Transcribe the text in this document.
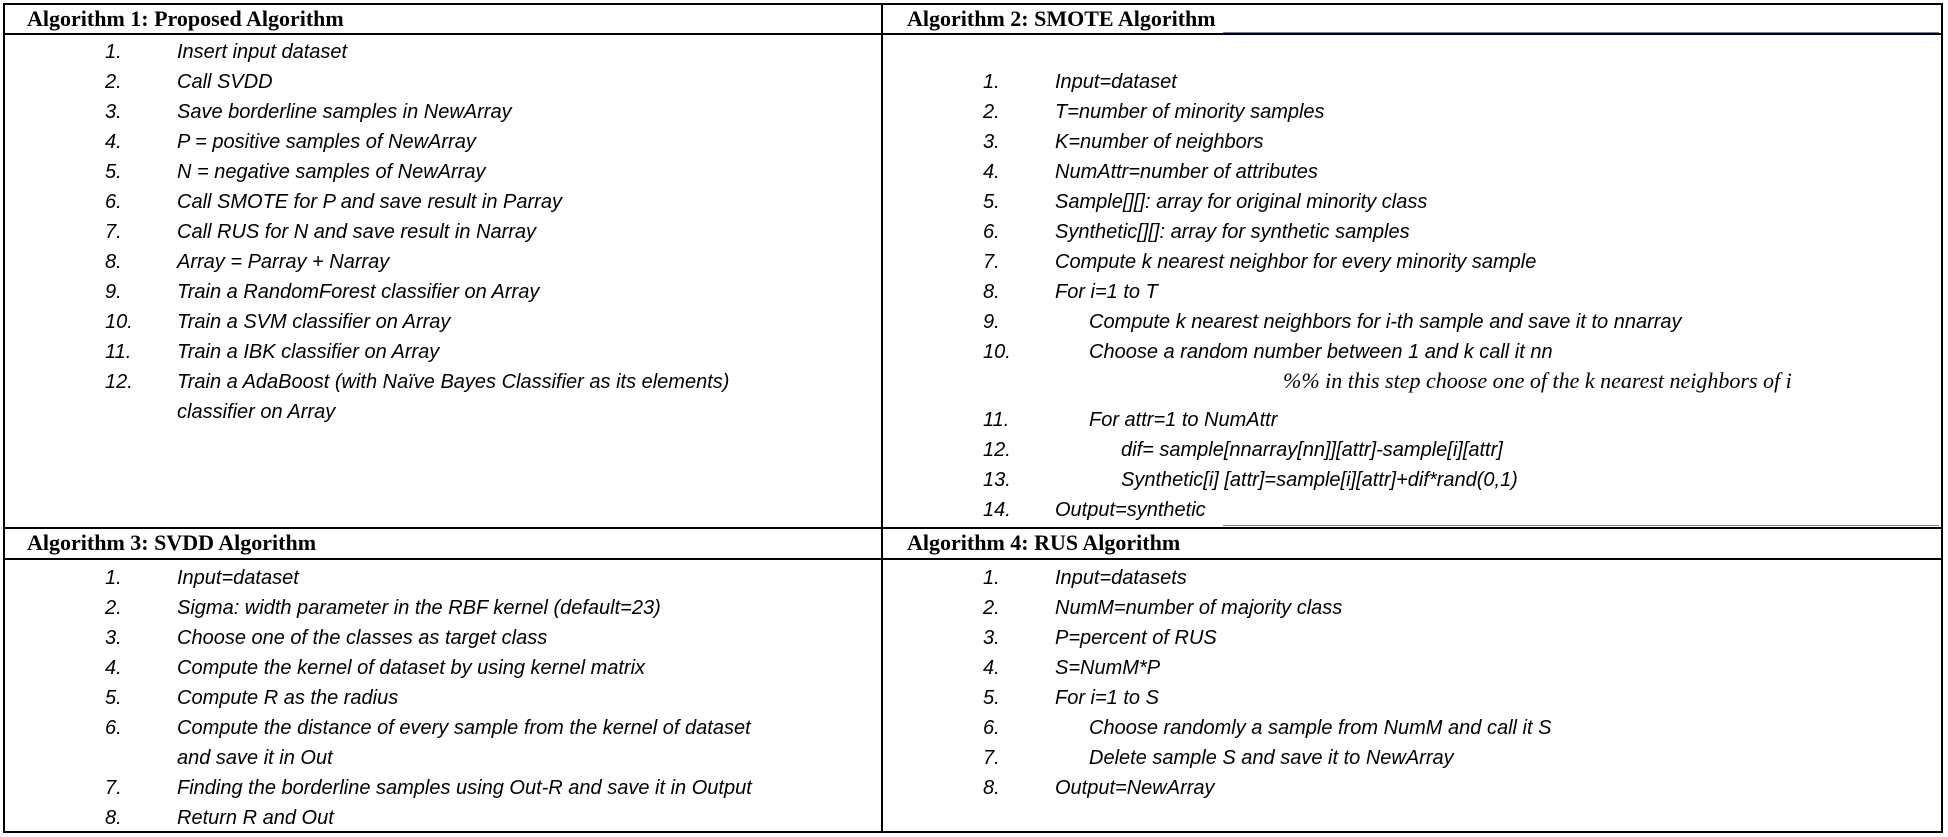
Algorithm 1: Proposed Algorithm
1.	Insert input dataset
2.	Call SVDD
3.	Save borderline samples in NewArray
4.	P = positive samples of NewArray
5.	N = negative samples of NewArray
6.	Call SMOTE for P and save result in Parray
7.	Call RUS for N and save result in Narray
8.	Array = Parray + Narray
9.	Train a RandomForest classifier on Array
10.	Train a SVM classifier on Array
11.	Train a IBK classifier on Array
12.	Train a AdaBoost (with Naïve Bayes Classifier as its elements)
classifier on Array
Algorithm 2: SMOTE Algorithm
1.	Input=dataset
2.	T=number of minority samples
3.	K=number of neighbors
4.	NumAttr=number of attributes
5.	Sample[][]: array for original minority class
6.	Synthetic[][]: array for synthetic samples
7.	Compute k nearest neighbor for every minority sample
8.	For i=1 to T
9.	Compute k nearest neighbors for i-th sample and save it to nnarray
10.	Choose a random number between 1 and k call it nn
%% in this step choose one of the k nearest neighbors of i
11.	For attr=1 to NumAttr
12.	dif= sample[nnarray[nn]][attr]-sample[i][attr]
13.	Synthetic[i] [attr]=sample[i][attr]+dif*rand(0,1)
14.	Output=synthetic
Algorithm 3: SVDD Algorithm
1.	Input=dataset
2.	Sigma: width parameter in the RBF kernel (default=23)
3.	Choose one of the classes as target class
4.	Compute the kernel of dataset by using kernel matrix
5.	Compute R as the radius
6.	Compute the distance of every sample from the kernel of dataset
and save it in Out
7.	Finding the borderline samples using Out-R and save it in Output
8.	Return R and Out
Algorithm 4: RUS Algorithm
1.	Input=datasets
2.	NumM=number of majority class
3.	P=percent of RUS
4.	S=NumM*P
5.	For i=1 to S
6.	Choose randomly a sample from NumM and call it S
7.	Delete sample S and save it to NewArray
8.	Output=NewArray
